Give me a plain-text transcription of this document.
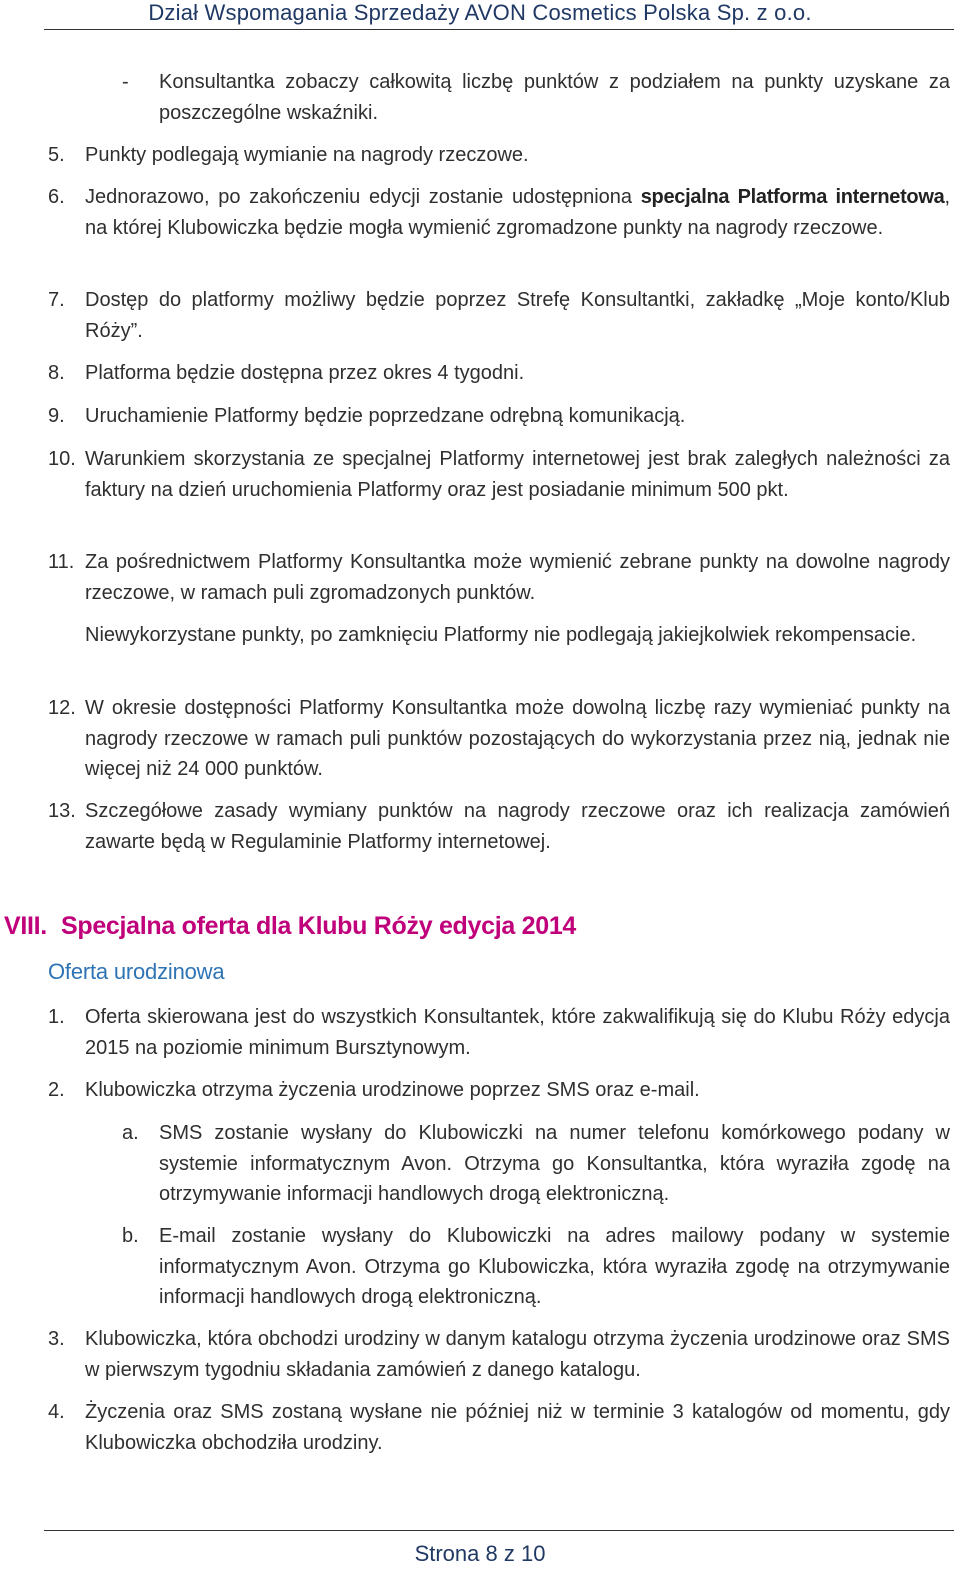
Dział Wspomagania Sprzedaży AVON Cosmetics Polska Sp. z o.o.
- Konsultantka zobaczy całkowitą liczbę punktów z podziałem na punkty uzyskane za poszczególne wskaźniki.
5. Punkty podlegają wymianie na nagrody rzeczowe.
6. Jednorazowo, po zakończeniu edycji zostanie udostępniona specjalna Platforma internetowa, na której Klubowiczka będzie mogła wymienić zgromadzone punkty na nagrody rzeczowe.
7. Dostęp do platformy możliwy będzie poprzez Strefę Konsultantki, zakładkę „Moje konto/Klub Róży”.
8. Platforma będzie dostępna przez okres 4 tygodni.
9. Uruchamienie Platformy będzie poprzedzane odrębną komunikacją.
10. Warunkiem skorzystania ze specjalnej Platformy internetowej jest brak zaległych należności za faktury na dzień uruchomienia Platformy oraz jest posiadanie minimum 500 pkt.
11. Za pośrednictwem Platformy Konsultantka może wymienić zebrane punkty na dowolne nagrody rzeczowe, w ramach puli zgromadzonych punktów.
Niewykorzystane punkty, po zamknięciu Platformy nie podlegają jakiejkolwiek rekompensacie.
12. W okresie dostępności Platformy Konsultantka może dowolną liczbę razy wymieniać punkty na nagrody rzeczowe w ramach puli punktów pozostających do wykorzystania przez nią, jednak nie więcej niż 24 000 punktów.
13. Szczegółowe zasady wymiany punktów na nagrody rzeczowe oraz ich realizacja zamówień zawarte będą w Regulaminie Platformy internetowej.
VIII. Specjalna oferta dla Klubu Róży edycja 2014
Oferta urodzinowa
1. Oferta skierowana jest do wszystkich Konsultantek, które zakwalifikują się do Klubu Róży edycja 2015 na poziomie minimum Bursztynowym.
2. Klubowiczka otrzyma życzenia urodzinowe poprzez SMS oraz e-mail.
a. SMS zostanie wysłany do Klubowiczki na numer telefonu komórkowego podany w systemie informatycznym Avon. Otrzyma go Konsultantka, która wyraziła zgodę na otrzymywanie informacji handlowych drogą elektroniczną.
b. E-mail zostanie wysłany do Klubowiczki na adres mailowy podany w systemie informatycznym Avon. Otrzyma go Klubowiczka, która wyraziła zgodę na otrzymywanie informacji handlowych drogą elektroniczną.
3. Klubowiczka, która obchodzi urodziny w danym katalogu otrzyma życzenia urodzinowe oraz SMS w pierwszym tygodniu składania zamówień z danego katalogu.
4. Życzenia oraz SMS zostaną wysłane nie później niż w terminie 3 katalogów od momentu, gdy Klubowiczka obchodziła urodziny.
Strona 8 z 10
